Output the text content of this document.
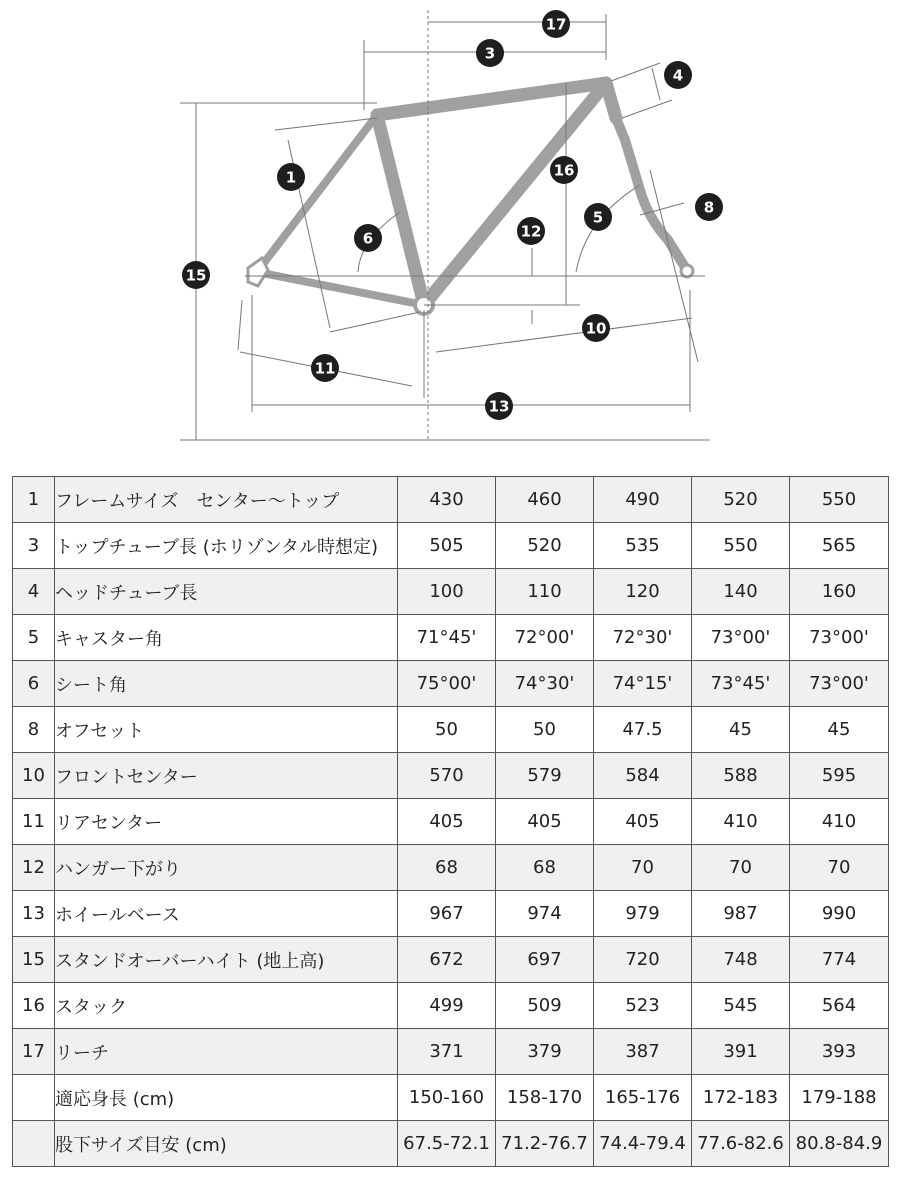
17
3
4
1	16
8
5
12
6
15
10
11
13
1	フレームサイズ　センター〜トップ	430	460	490	520	550
3	トップチューブ長 (ホリゾンタル時想定)	505	520	535	550	565
4	ヘッドチューブ長	100	110	120	140	160
5	キャスター角	71°45'	72°00'	72°30'	73°00'	73°00'
6	シート角	75°00'	74°30'	74°15'	73°45'	73°00'
8	オフセット	50	50	47.5	45	45
10	フロントセンター	570	579	584	588	595
11	リアセンター	405	405	405	410	410
12	ハンガー下がり	68	68	70	70	70
13	ホイールベース	967	974	979	987	990
15	スタンドオーバーハイト (地上高)	672	697	720	748	774
16	スタック	499	509	523	545	564
17	リーチ	371	379	387	391	393
	適応身長 (cm)	150-160	158-170	165-176	172-183	179-188
	股下サイズ目安 (cm)	67.5-72.1	71.2-76.7	74.4-79.4	77.6-82.6	80.8-84.9
